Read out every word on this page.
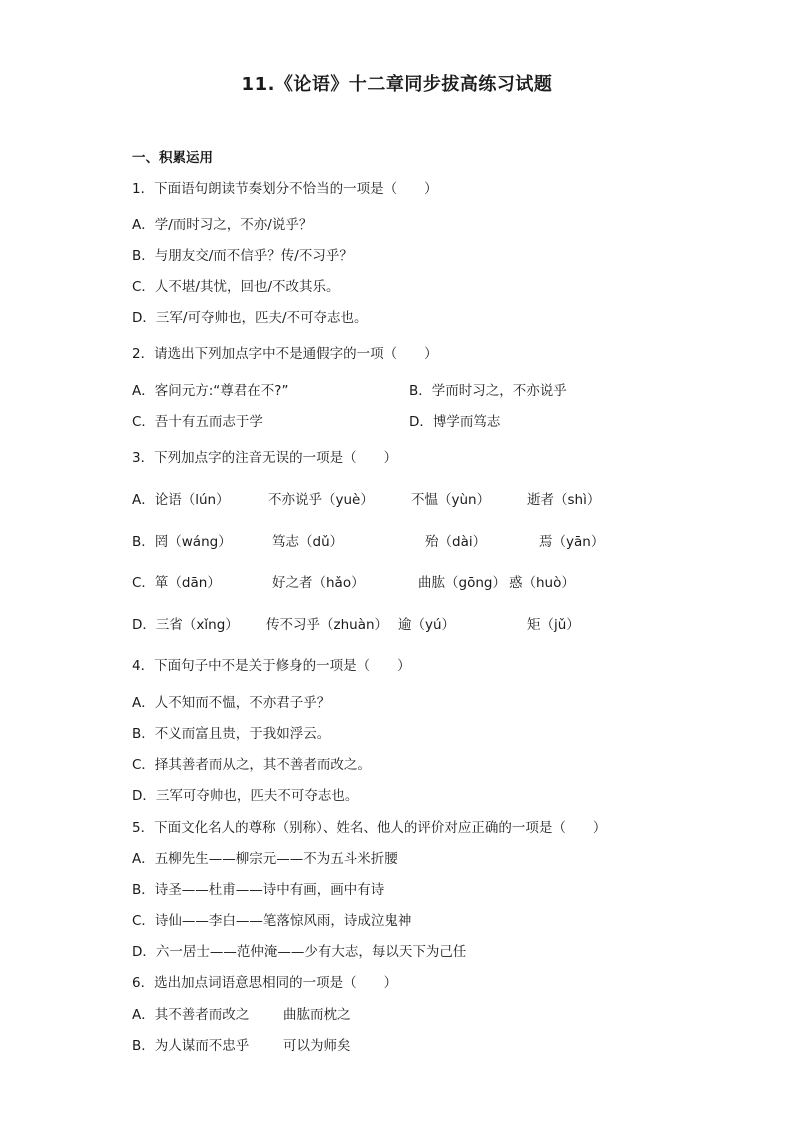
11.《论语》十二章同步拔高练习试题
一、积累运用
1．下面语句朗读节奏划分不恰当的一项是（　　）
A．学/而时习之，不亦/说乎？
B．与朋友交/而不信乎？传/不习乎？
C．人不堪/其忧，回也/不改其乐。
D．三军/可夺帅也，匹夫/不可夺志也。
2．请选出下列加点字中不是通假字的一项（　　）
A．客问元方:“尊君在不?”	B．学而时习之，不亦说乎
C．吾十有五而志于学	D．博学而笃志
3．下列加点字的注音无误的一项是（　　）
A．论语（lún）	不亦说乎（yuè）	不愠（yùn）	逝者（shì）
B．罔（wáng）	笃志（dǔ）	殆（dài）	焉（yān）
C．箪（dān）	好之者（hǎo）	曲肱（gōng） 惑（huò）
D．三省（xǐng） 传不习乎（zhuàn） 逾（yú）	矩（jǔ）
4．下面句子中不是关于修身的一项是（　　）
A．人不知而不愠，不亦君子乎？
B．不义而富且贵，于我如浮云。
C．择其善者而从之，其不善者而改之。
D．三军可夺帅也，匹夫不可夺志也。
5．下面文化名人的尊称（别称）、姓名、他人的评价对应正确的一项是（　　）
A．五柳先生——柳宗元——不为五斗米折腰
B．诗圣——杜甫——诗中有画，画中有诗
C．诗仙——李白——笔落惊风雨，诗成泣鬼神
D．六一居士——范仲淹——少有大志，每以天下为己任
6．选出加点词语意思相同的一项是（　　）
A．其不善者而改之	曲肱而枕之
B．为人谋而不忠乎 可以为师矣
